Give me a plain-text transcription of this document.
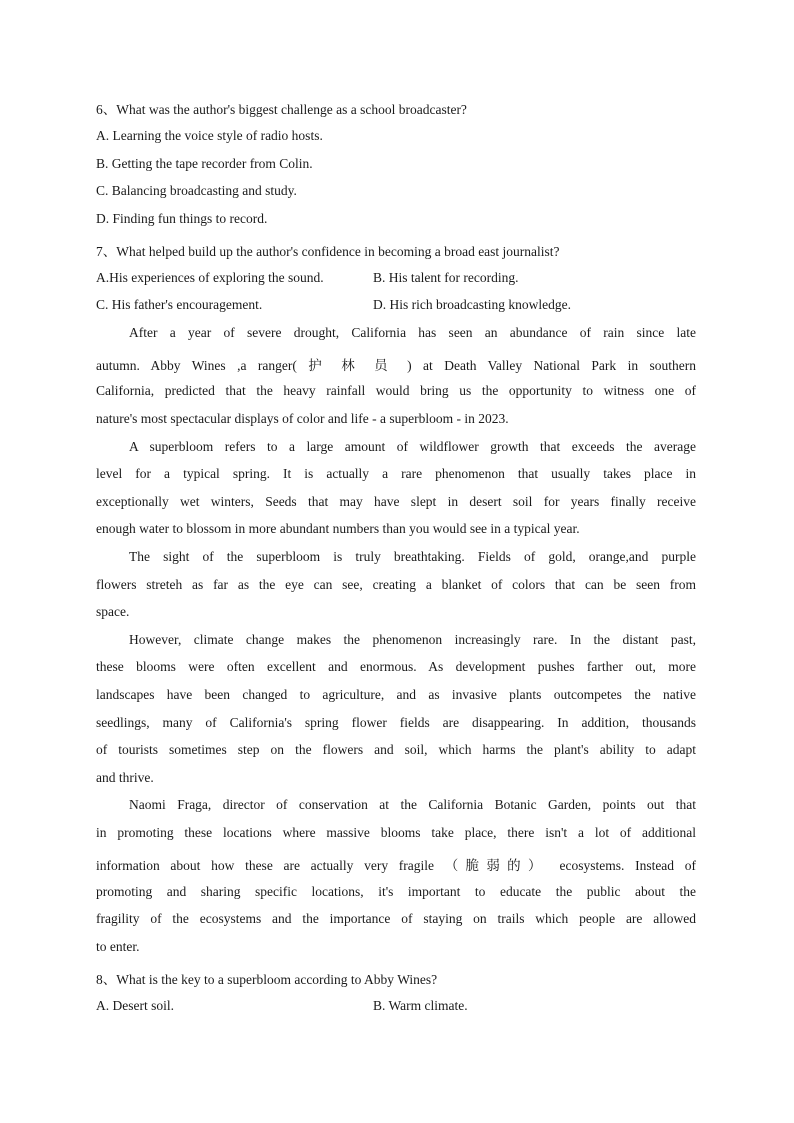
6、What was the author's biggest challenge as a school broadcaster?
A. Learning the voice style of radio hosts.
B. Getting the tape recorder from Colin.
C. Balancing broadcasting and study.
D. Finding fun things to record.
7、What helped build up the author's confidence in becoming a broad east journalist?
A.His experiences of exploring the sound.	B. His talent for recording.
C. His father's encouragement.	D. His rich broadcasting knowledge.
After a year of severe drought, California has seen an abundance of rain since late
autumn. Abby Wines ,a ranger( 护 林 员 ) at Death Valley National Park in southern
California, predicted that the heavy rainfall would bring us the opportunity to witness one of
nature's most spectacular displays of color and life - a superbloom - in 2023.
A superbloom refers to a large amount of wildflower growth that exceeds the average
level for a typical spring. It is actually a rare phenomenon that usually takes place in
exceptionally wet winters, Seeds that may have slept in desert soil for years finally receive
enough water to blossom in more abundant numbers than you would see in a typical year.
The sight of the superbloom is truly breathtaking. Fields of gold, orange,and purple
flowers streteh as far as the eye can see, creating a blanket of colors that can be seen from
space.
However, climate change makes the phenomenon increasingly rare. In the distant past,
these blooms were often excellent and enormous. As development pushes farther out, more
landscapes have been changed to agriculture, and as invasive plants outcompetes the native
seedlings, many of California's spring flower fields are disappearing. In addition, thousands
of tourists sometimes step on the flowers and soil, which harms the plant's ability to adapt
and thrive.
Naomi Fraga, director of conservation at the California Botanic Garden, points out that
in promoting these locations where massive blooms take place, there isn't a lot of additional
information about how these are actually very fragile （脆弱的） ecosystems. Instead of
promoting and sharing specific locations, it's important to educate the public about the
fragility of the ecosystems and the importance of staying on trails which people are allowed
to enter.
8、What is the key to a superbloom according to Abby Wines?
A. Desert soil.	B. Warm climate.
